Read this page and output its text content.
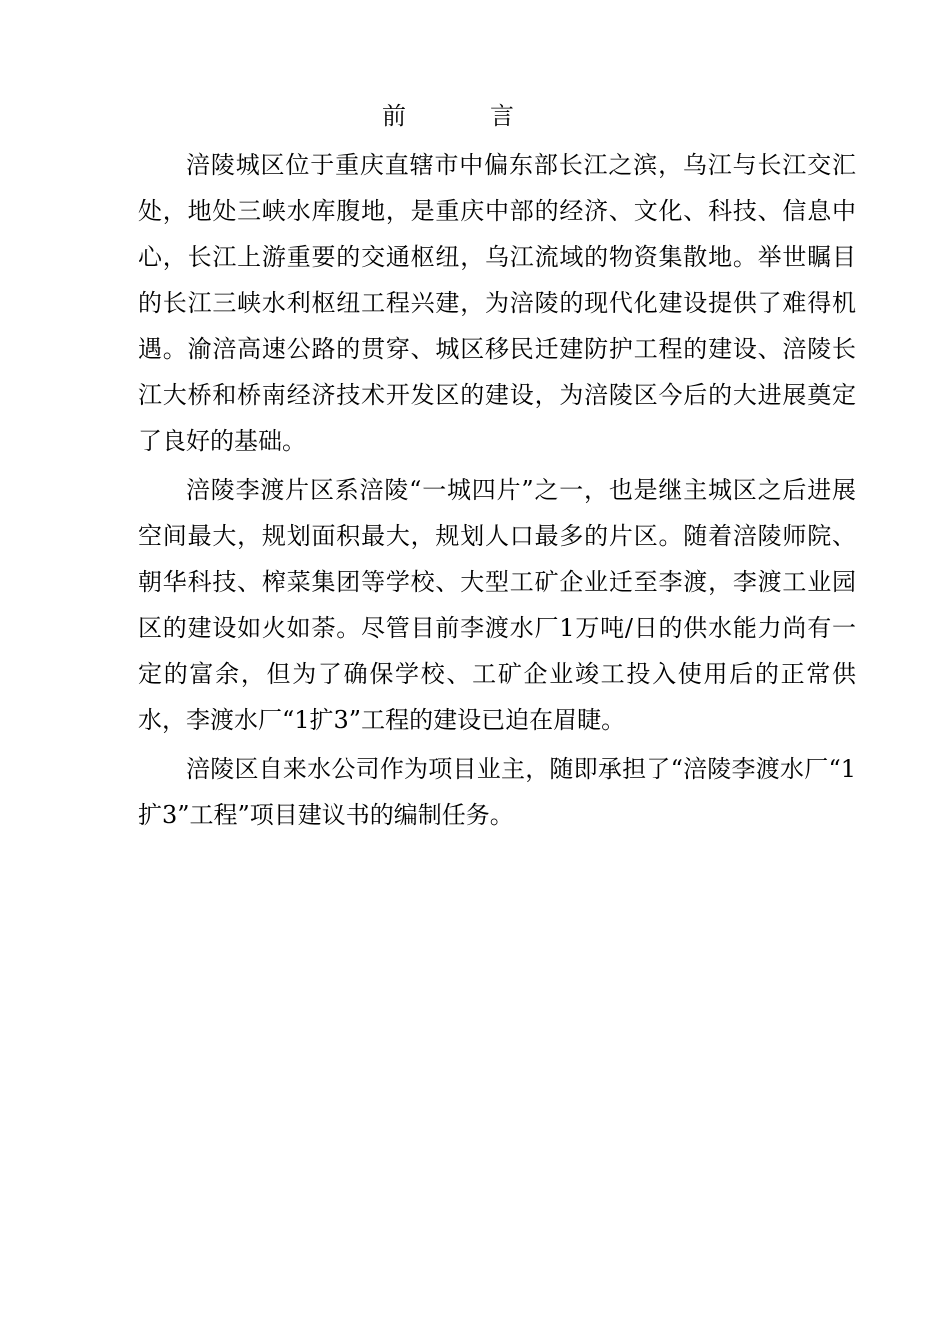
前言

涪陵城区位于重庆直辖市中偏东部长江之滨，乌江与长江交汇处，地处三峡水库腹地，是重庆中部的经济、文化、科技、信息中心，长江上游重要的交通枢纽，乌江流域的物资集散地。举世瞩目的长江三峡水利枢纽工程兴建，为涪陵的现代化建设提供了难得机遇。渝涪高速公路的贯穿、城区移民迁建防护工程的建设、涪陵长江大桥和桥南经济技术开发区的建设，为涪陵区今后的大进展奠定了良好的基础。

涪陵李渡片区系涪陵“一城四片”之一，也是继主城区之后进展空间最大，规划面积最大，规划人口最多的片区。随着涪陵师院、朝华科技、榨菜集团等学校、大型工矿企业迁至李渡，李渡工业园区的建设如火如荼。尽管目前李渡水厂1万吨/日的供水能力尚有一定的富余，但为了确保学校、工矿企业竣工投入使用后的正常供水，李渡水厂“1扩3”工程的建设已迫在眉睫。

涪陵区自来水公司作为项目业主，随即承担了“涪陵李渡水厂“1扩3”工程”项目建议书的编制任务。
